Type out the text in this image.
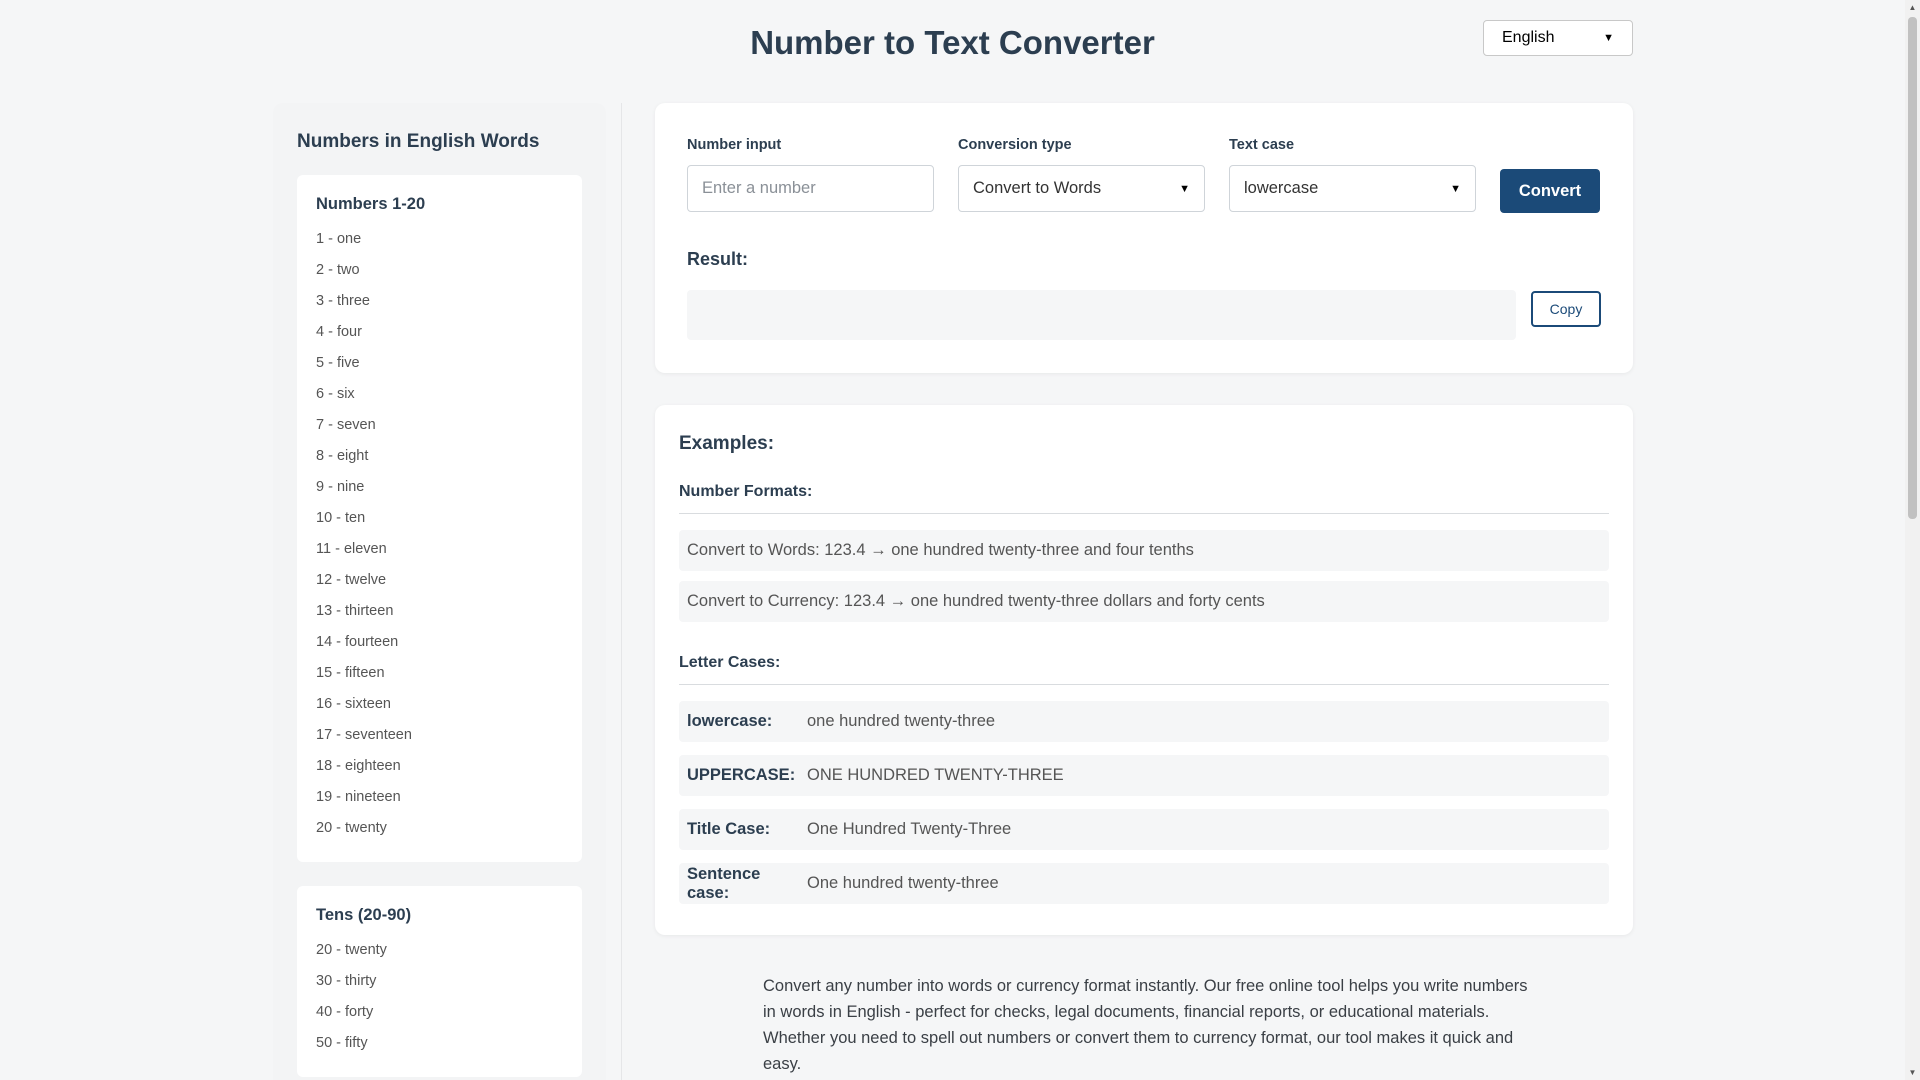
Number to Text Converter	English	▼
Numbers in English Words
Numbers 1-20
1 - one
2 - two
3 - three
4 - four
5 - five
6 - six
7 - seven
8 - eight
9 - nine
10 - ten
11 - eleven
12 - twelve
13 - thirteen
14 - fourteen
15 - fifteen
16 - sixteen
17 - seventeen
18 - eighteen
19 - nineteen
20 - twenty
Tens (20-90)
20 - twenty
30 - thirty
40 - forty
50 - fifty
Number input
Enter a number
Conversion type
Convert to Words	▼
Text case
lowercase	▼	Convert
Result:
Copy
Examples:
Number Formats:
Convert to Words: 123.4 → one hundred twenty-three and four tenths
Convert to Currency: 123.4 → one hundred twenty-three dollars and forty cents
Letter Cases:
lowercase:	one hundred twenty-three
UPPERCASE: ONE HUNDRED TWENTY-THREE
Title Case:	One Hundred Twenty-Three
Sentence case:
One hundred twenty-three

Convert any number into words or currency format instantly. Our free online tool helps you write numbers in words in English - perfect for checks, legal documents, financial reports, or educational materials. Whether you need to spell out numbers or convert them to currency format, our tool makes it quick and easy.

▲
▼
